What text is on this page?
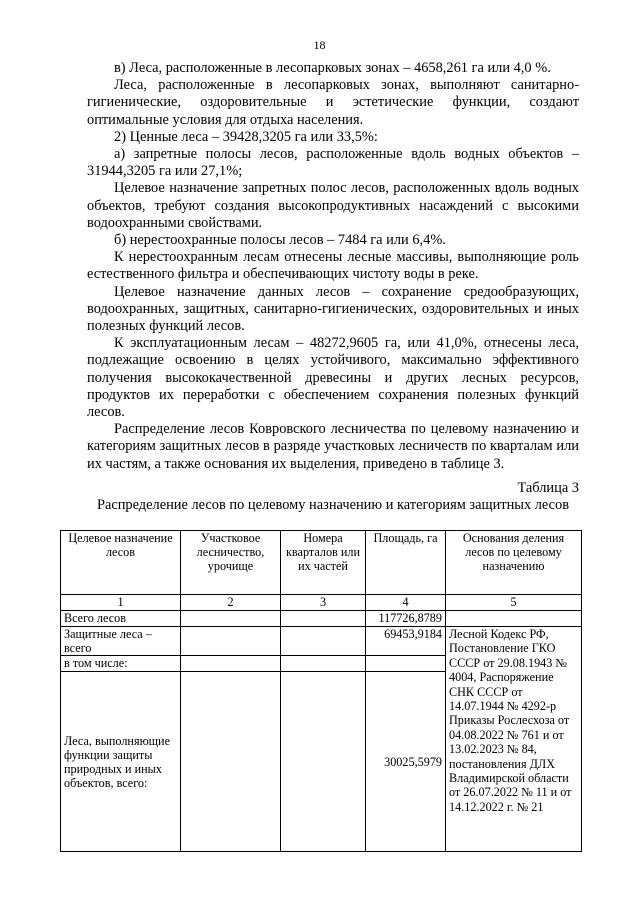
18

в) Леса, расположенные в лесопарковых зонах – 4658,261 га или 4,0 %.

Леса, расположенные в лесопарковых зонах, выполняют санитарно-гигиенические, оздоровительные и эстетические функции, создают оптимальные условия для отдыха населения.

2) Ценные леса – 39428,3205 га или 33,5%:

а) запретные полосы лесов, расположенные вдоль водных объектов – 31944,3205 га или 27,1%;

Целевое назначение запретных полос лесов, расположенных вдоль водных объектов, требуют создания высокопродуктивных насаждений с высокими водоохранными свойствами.

б) нерестоохранные полосы лесов – 7484 га или 6,4%.

К нерестоохранным лесам отнесены лесные массивы, выполняющие роль естественного фильтра и обеспечивающих чистоту воды в реке.

Целевое назначение данных лесов – сохранение средообразующих, водоохранных, защитных, санитарно-гигиенических, оздоровительных и иных полезных функций лесов.

К эксплуатационным лесам – 48272,9605 га, или 41,0%, отнесены леса, подлежащие освоению в целях устойчивого, максимально эффективного получения высококачественной древесины и других лесных ресурсов, продуктов их переработки с обеспечением сохранения полезных функций лесов.

Распределение лесов Ковровского лесничества по целевому назначению и категориям защитных лесов в разряде участковых лесничеств по кварталам или их частям, а также основания их выделения, приведено в таблице 3.

Таблица 3
Распределение лесов по целевому назначению и категориям защитных лесов
Целевое назначение лесов	Участковое лесничество, урочище	Номера кварталов или их частей	Площадь, га	Основания деления лесов по целевому назначению
1	2	3	4	5
Всего лесов			117726,8789	
Защитные леса – всего			69453,9184	Лесной Кодекс РФ, Постановление ГКО СССР от 29.08.1943 № 4004, Распоряжение СНК СССР от 14.07.1944 № 4292-р Приказы Рослесхоза от 04.08.2022 № 761 и от 13.02.2023 № 84, постановления ДЛХ Владимирской области от 26.07.2022 № 11 и от 14.12.2022 г. № 21
в том числе:				
Леса, выполняющие функции защиты природных и иных объектов, всего:			30025,5979	
